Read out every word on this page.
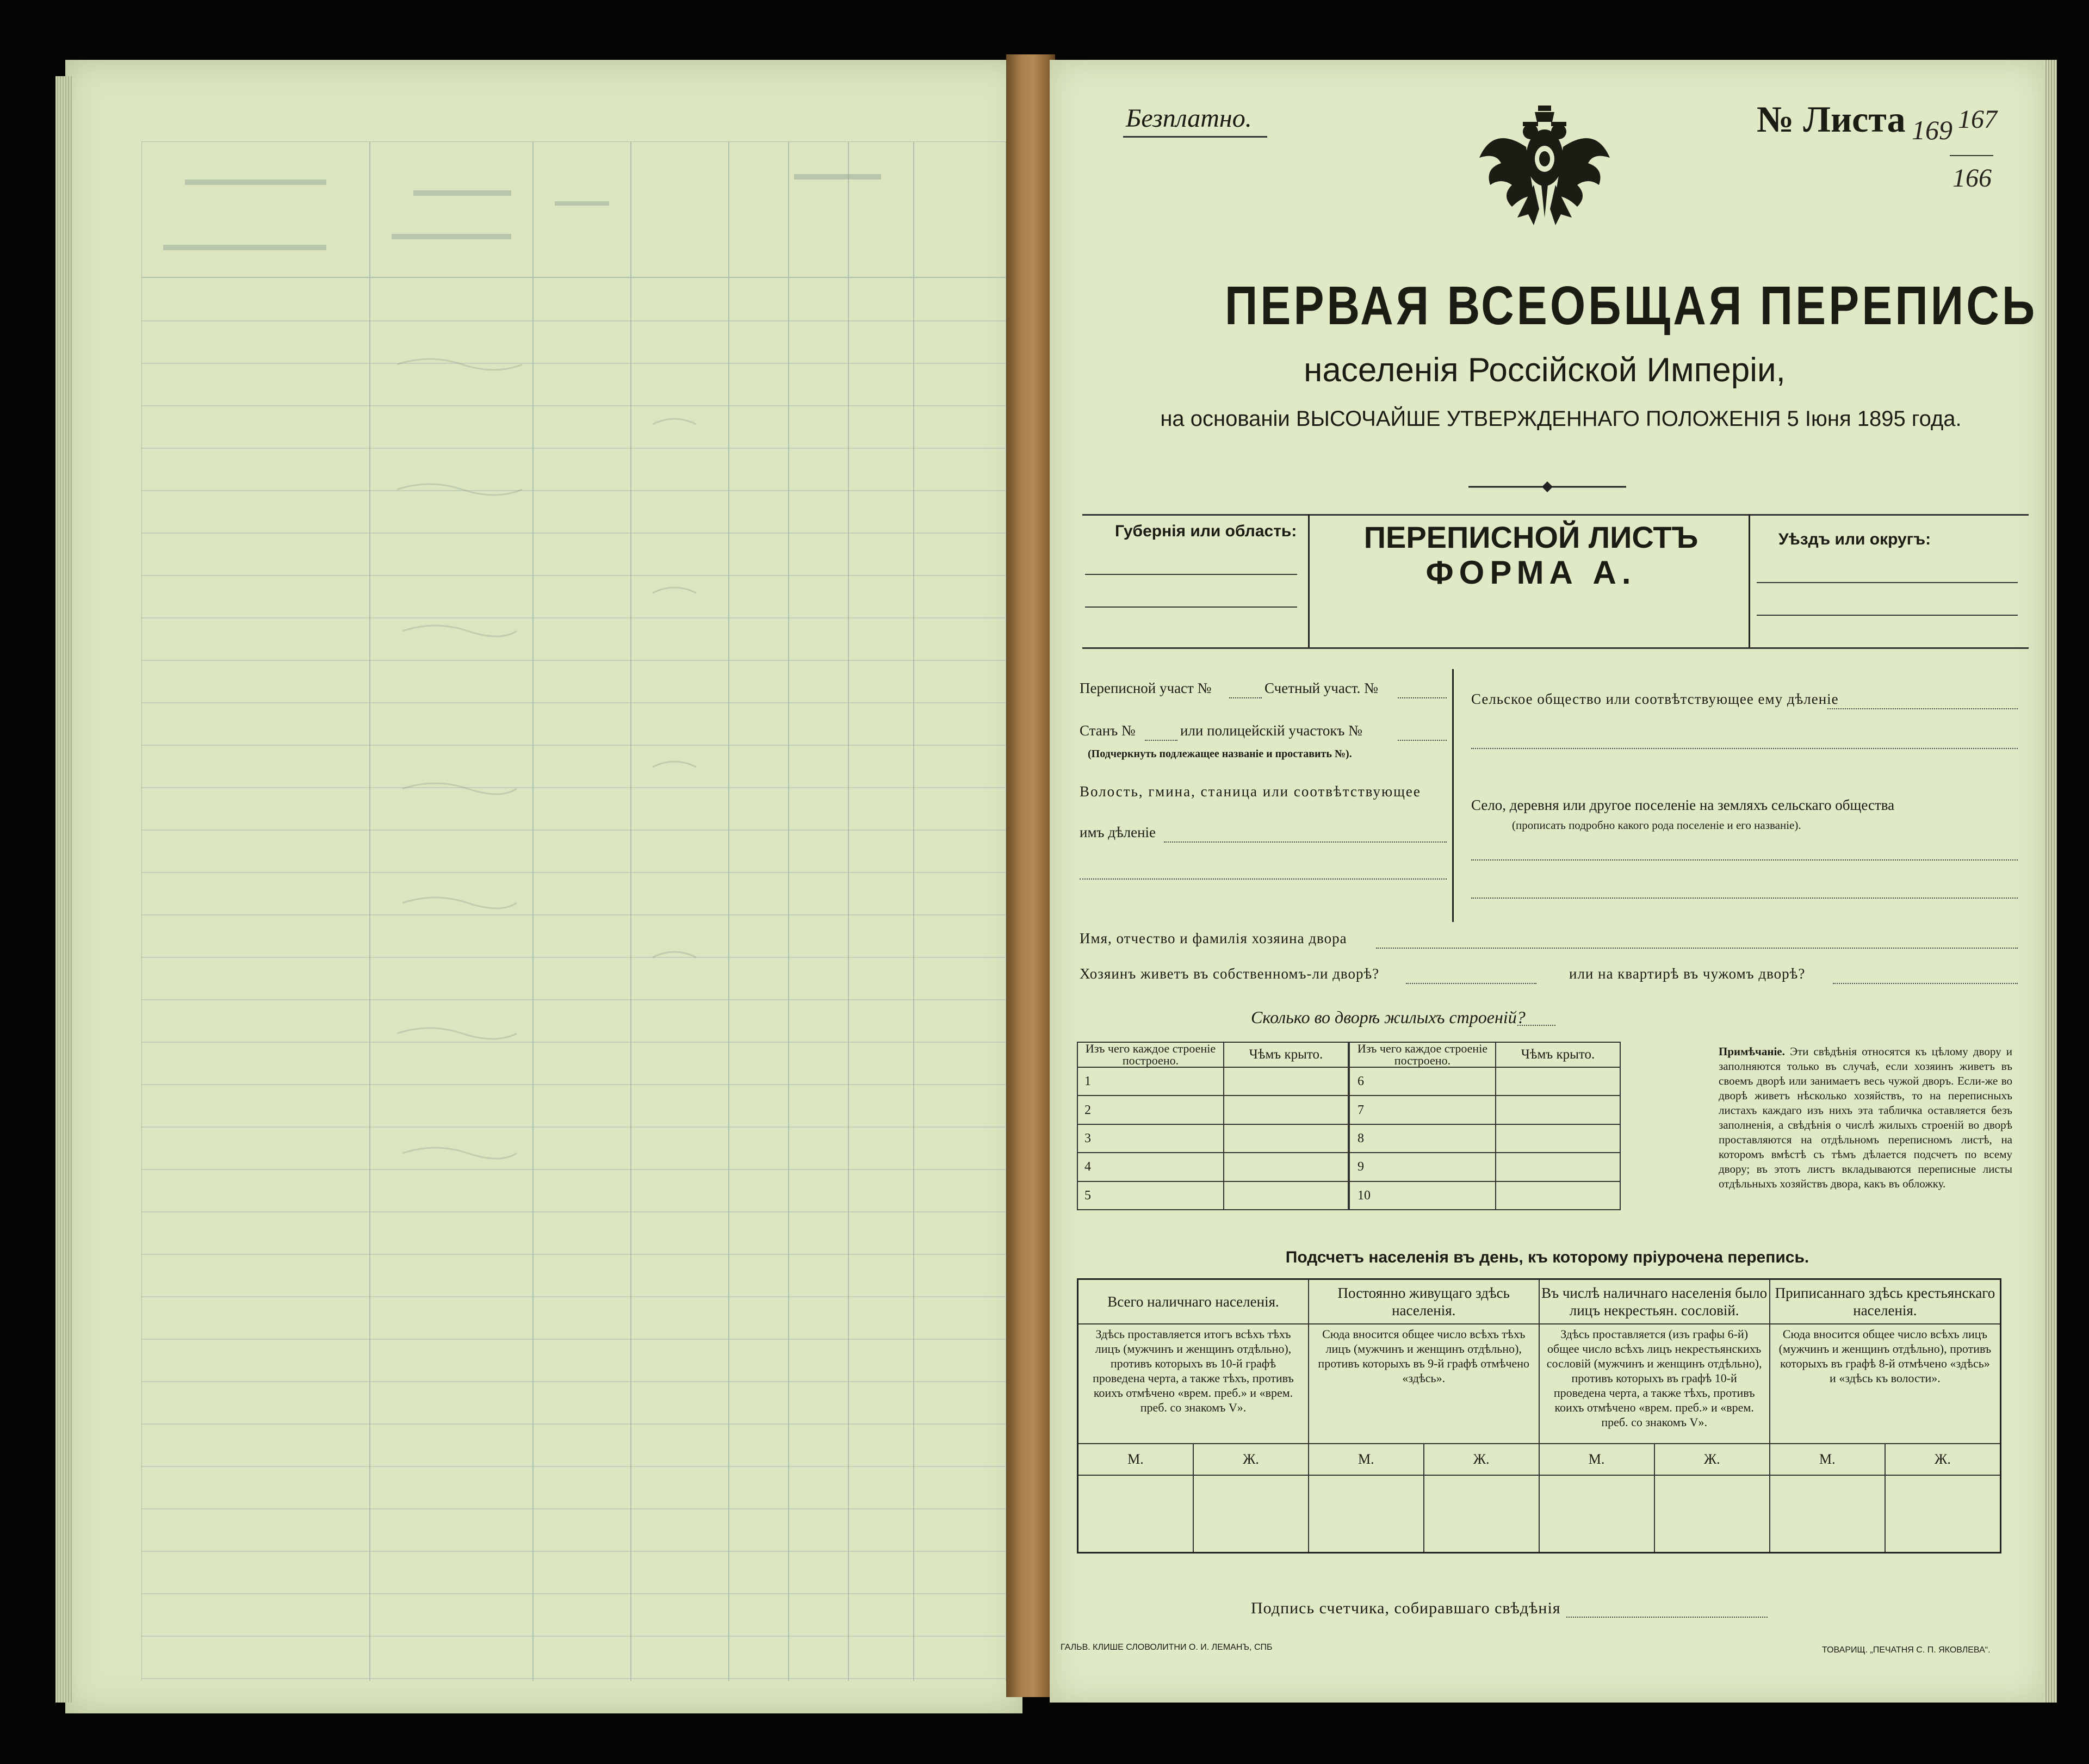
Безплатно.	№ Листа 169 167
166
ПЕРВАЯ ВСЕОБЩАЯ ПЕРЕПИСЬ
населенія Россійской Имперіи,
на основаніи ВЫСОЧАЙШЕ УТВЕРЖДЕННАГО ПОЛОЖЕНІЯ 5 Іюня 1895 года.
Губернія или область:	ПЕРЕПИСНОЙ ЛИСТЪ
ФОРМА А.
Уѣздъ или округъ:
Переписной участ №	Счетный участ. №
Станъ №	или полицейскій участокъ №
(Подчеркнуть подлежащее названіе и проставить №).
Волость, гмина, станица или соотвѣтствующее
имъ дѣленіе
Сельское общество или соотвѣтствующее ему дѣленіе
Село, деревня или другое поселеніе на земляхъ сельскаго общества
(прописать подробно какого рода поселеніе и его названіе).
Имя, отчество и фамилія хозяина двора
Хозяинъ живетъ въ собственномъ-ли дворѣ?	или на квартирѣ въ чужомъ дворѣ?
Сколько во дворѣ жилыхъ строеній?
Изъ чего каждое строеніе построено.	Чѣмъ крыто.	Изъ чего каждое строеніе построено.	Чѣмъ крыто.
1		6	
2		7	
3		8	
4		9	
5		10	
Примѣчаніе. Эти свѣдѣнія относятся къ цѣлому двору и заполняются только въ случаѣ, если хозяинъ живетъ въ своемъ дворѣ или занимаетъ весь чужой дворъ. Если-же во дворѣ живетъ нѣсколько хозяйствъ, то на переписныхъ листахъ каждаго изъ нихъ эта табличка оставляется безъ заполненія, а свѣдѣнія о числѣ жилыхъ строеній во дворѣ проставляются на отдѣльномъ переписномъ листѣ, на которомъ вмѣстѣ съ тѣмъ дѣлается подсчетъ по всему двору; въ этотъ листъ вкладываются переписные листы отдѣльныхъ хозяйствъ двора, какъ въ обложку.
Подсчетъ населенія въ день, къ которому пріурочена перепись.
Всего наличнаго населенія.		Постоянно живущаго здѣсь населенія.		Въ числѣ наличнаго населенія было лицъ некрестьян. сословій.		Приписаннаго здѣсь крестьянскаго населенія.	
Здѣсь проставляется итогъ всѣхъ тѣхъ лицъ (мужчинъ и женщинъ отдѣльно), противъ которыхъ въ 10-й графѣ проведена черта, а также тѣхъ, противъ коихъ отмѣчено «врем. преб.» и «врем. преб. со знакомъ V».		Сюда вносится общее число всѣхъ тѣхъ лицъ (мужчинъ и женщинъ отдѣльно), противъ которыхъ въ 9-й графѣ отмѣчено «здѣсь».		Здѣсь проставляется (изъ графы 6-й) общее число всѣхъ лицъ некрестьянскихъ сословій (мужчинъ и женщинъ отдѣльно), противъ которыхъ въ графѣ 10-й проведена черта, а также тѣхъ, противъ коихъ отмѣчено «врем. преб.» и «врем. преб. со знакомъ V».		Сюда вносится общее число всѣхъ лицъ (мужчинъ и женщинъ отдѣльно), противъ которыхъ въ графѣ 8-й отмѣчено «здѣсь» и «здѣсь къ волости».	
М.	Ж.	М.	Ж.	М.	Ж.	М.	Ж.

Подпись счетчика, собиравшаго свѣдѣнія
ГАЛЬВ. КЛИШЕ СЛОВОЛИТНИ О. И. ЛЕМАНЪ, СПБ	ТОВАРИЩ. „ПЕЧАТНЯ С. П. ЯКОВЛЕВА“.
